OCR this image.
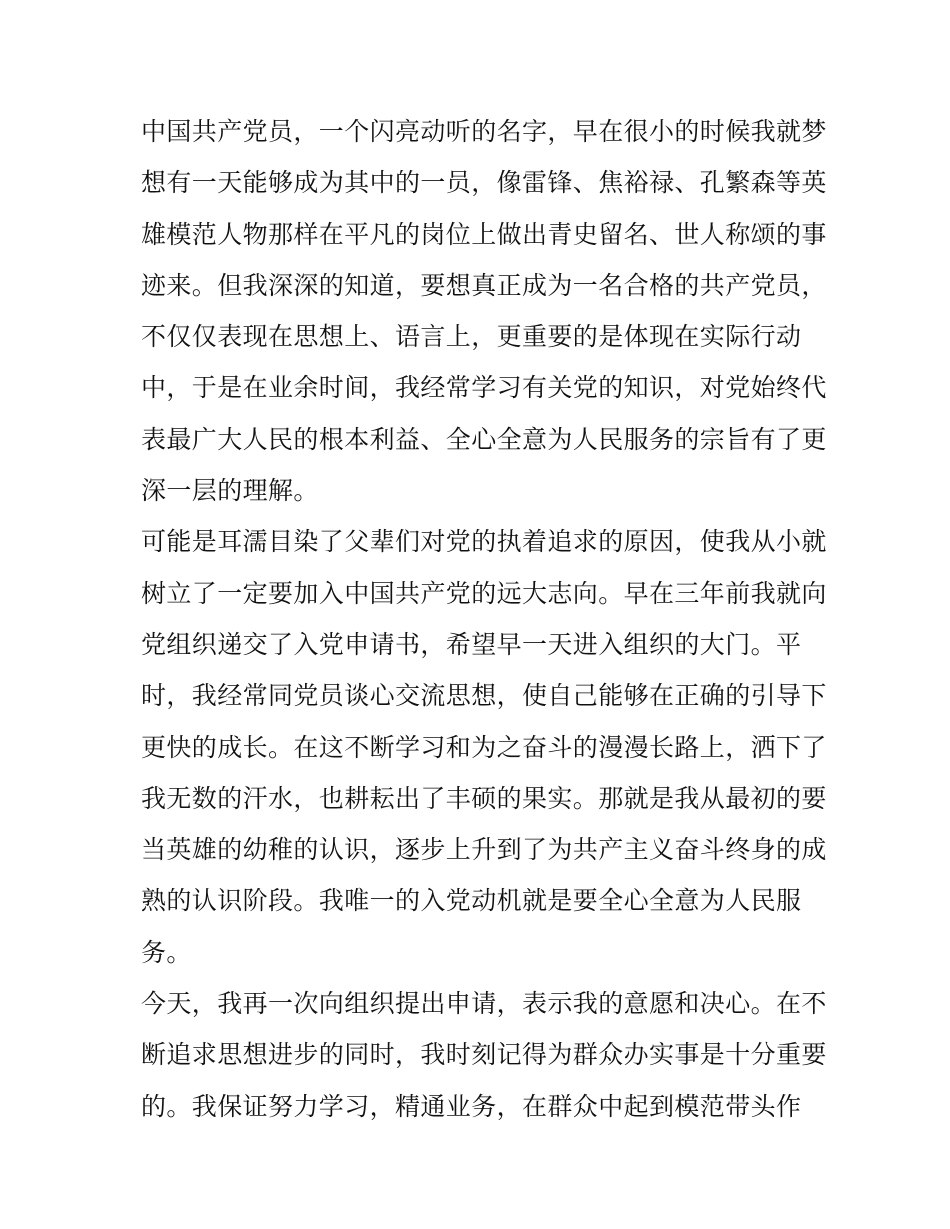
中国共产党员，一个闪亮动听的名字，早在很小的时候我就梦
想有一天能够成为其中的一员，像雷锋、焦裕禄、孔繁森等英
雄模范人物那样在平凡的岗位上做出青史留名、世人称颂的事
迹来。但我深深的知道，要想真正成为一名合格的共产党员，
不仅仅表现在思想上、语言上，更重要的是体现在实际行动
中，于是在业余时间，我经常学习有关党的知识，对党始终代
表最广大人民的根本利益、全心全意为人民服务的宗旨有了更
深一层的理解。
可能是耳濡目染了父辈们对党的执着追求的原因，使我从小就
树立了一定要加入中国共产党的远大志向。早在三年前我就向
党组织递交了入党申请书，希望早一天进入组织的大门。平
时，我经常同党员谈心交流思想，使自己能够在正确的引导下
更快的成长。在这不断学习和为之奋斗的漫漫长路上，洒下了
我无数的汗水，也耕耘出了丰硕的果实。那就是我从最初的要
当英雄的幼稚的认识，逐步上升到了为共产主义奋斗终身的成
熟的认识阶段。我唯一的入党动机就是要全心全意为人民服
务。
今天，我再一次向组织提出申请，表示我的意愿和决心。在不
断追求思想进步的同时，我时刻记得为群众办实事是十分重要
的。我保证努力学习，精通业务，在群众中起到模范带头作
